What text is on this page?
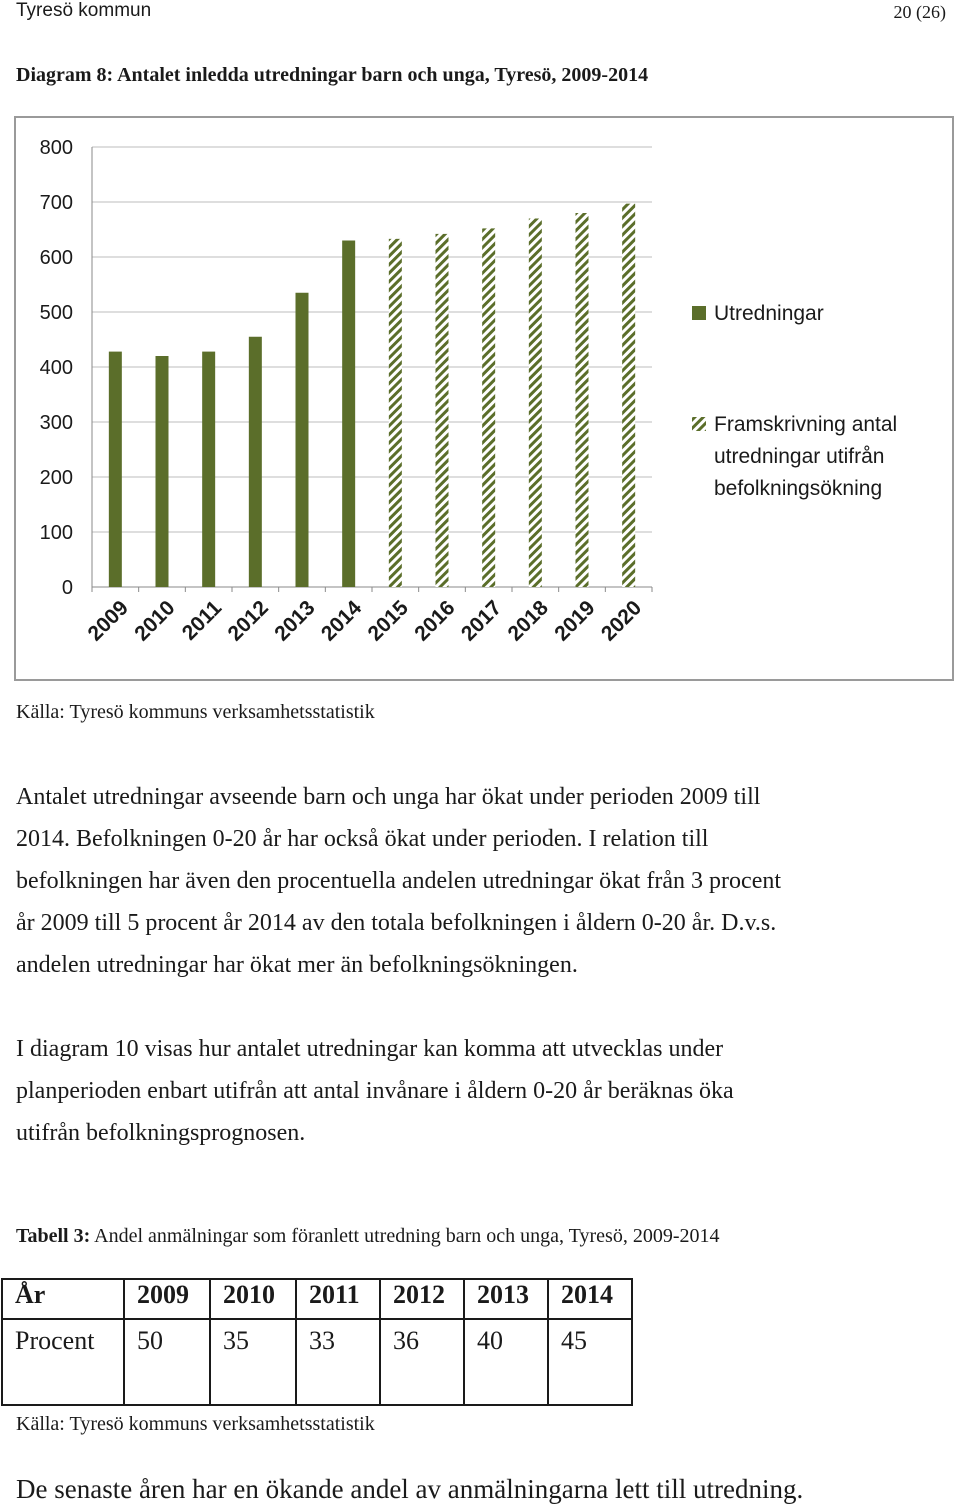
Tyresö kommun	20 (26)
Diagram 8: Antalet inledda utredningar barn och unga, Tyresö, 2009-2014
0
100
200
300
400
500
600
700
800
2009
2010
2011
2012
2013
2014
2015
2016
2017
2018
2019
2020
Utredningar
Framskrivning antal
utredningar utifrån
befolkningsökning
Källa: Tyresö kommuns verksamhetsstatistik
Antalet utredningar avseende barn och unga har ökat under perioden 2009 till
2014. Befolkningen 0-20 år har också ökat under perioden. I relation till
befolkningen har även den procentuella andelen utredningar ökat från 3 procent
år 2009 till 5 procent år 2014 av den totala befolkningen i åldern 0-20 år. D.v.s.
andelen utredningar har ökat mer än befolkningsökningen.
I diagram 10 visas hur antalet utredningar kan komma att utvecklas under
planperioden enbart utifrån att antal invånare i åldern 0-20 år beräknas öka
utifrån befolkningsprognosen.
Tabell 3: Andel anmälningar som föranlett utredning barn och unga, Tyresö, 2009-2014
År	2009	2010	2011	2012	2013	2014
Procent	50	35	33	36	40	45
Källa: Tyresö kommuns verksamhetsstatistik
De senaste åren har en ökande andel av anmälningarna lett till utredning.
